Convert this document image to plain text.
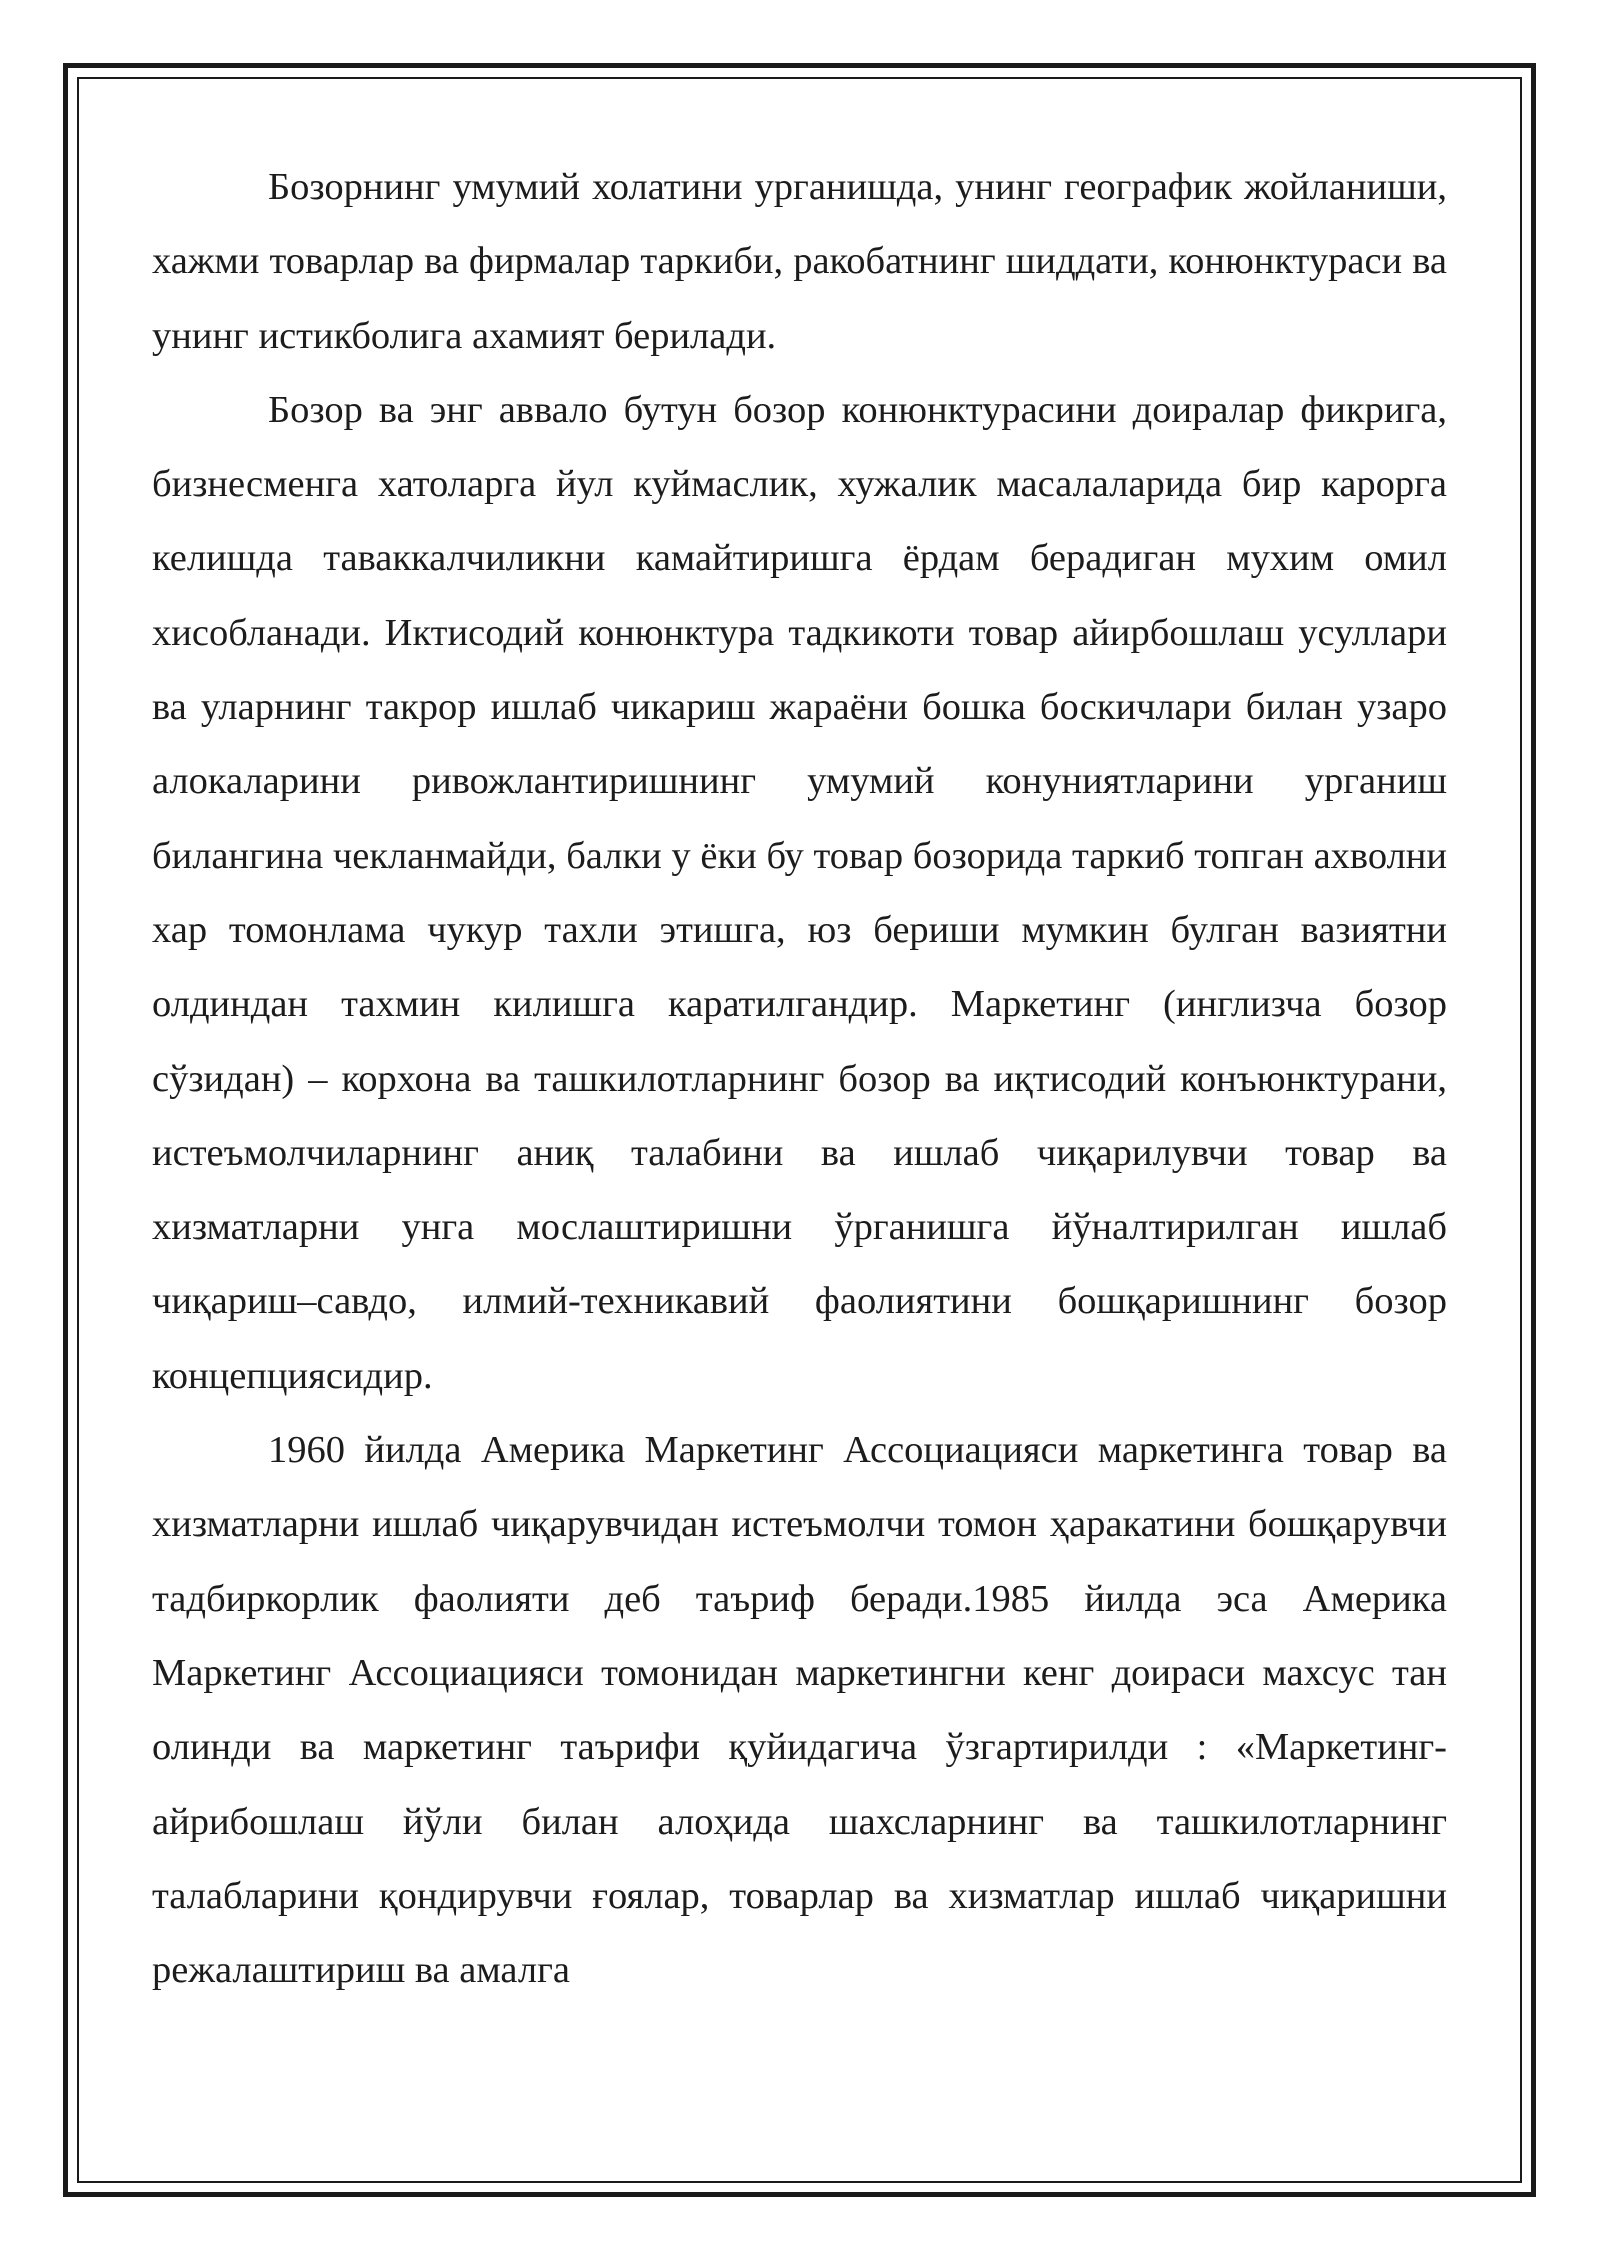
Бозорнинг умумий холатини урганишда, унинг географик жойланиши, хажми товарлар ва фирмалар таркиби, ракобатнинг шиддати, конюнктураси ва унинг истикболига ахамият берилади.

Бозор ва энг аввало бутун бозор конюнктурасини доиралар фикрига, бизнесменга хатоларга йул куймаслик, хужалик масалаларида бир карорга келишда таваккалчиликни камайтиришга ёрдам берадиган мухим омил хисобланади. Иктисодий конюнктура тадкикоти товар айирбошлаш усуллари ва уларнинг такрор ишлаб чикариш жараёни бошка боскичлари билан узаро алокаларини ривожлантиришнинг умумий конуниятларини урганиш билангина чекланмайди, балки у ёки бу товар бозорида таркиб топган ахволни хар томонлама чукур тахли этишга, юз бериши мумкин булган вазиятни олдиндан тахмин килишга каратилгандир. Маркетинг (инглизча бозор сўзидан) – корхона ва ташкилотларнинг бозор ва иқтисодий конъюнктурани, истеъмолчиларнинг аниқ талабини ва ишлаб чиқарилувчи товар ва хизматларни унга мослаштиришни ўрганишга йўналтирилган ишлаб чиқариш–савдо, илмий-техникавий фаолиятини бошқаришнинг бозор концепциясидир.

1960 йилда Америка Маркетинг Ассоциацияси маркетинга товар ва хизматларни ишлаб чиқарувчидан истеъмолчи томон ҳаракатини бошқарувчи тадбиркорлик фаолияти деб таъриф беради.1985 йилда эса Америка Маркетинг Ассоциацияси томонидан маркетингни кенг доираси махсус тан олинди ва маркетинг таърифи қуйидагича ўзгартирилди : «Маркетинг-айрибошлаш йўли билан алоҳида шахсларнинг ва ташкилотларнинг талабларини қондирувчи ғоялар, товарлар ва хизматлар ишлаб чиқаришни режалаштириш ва амалга
